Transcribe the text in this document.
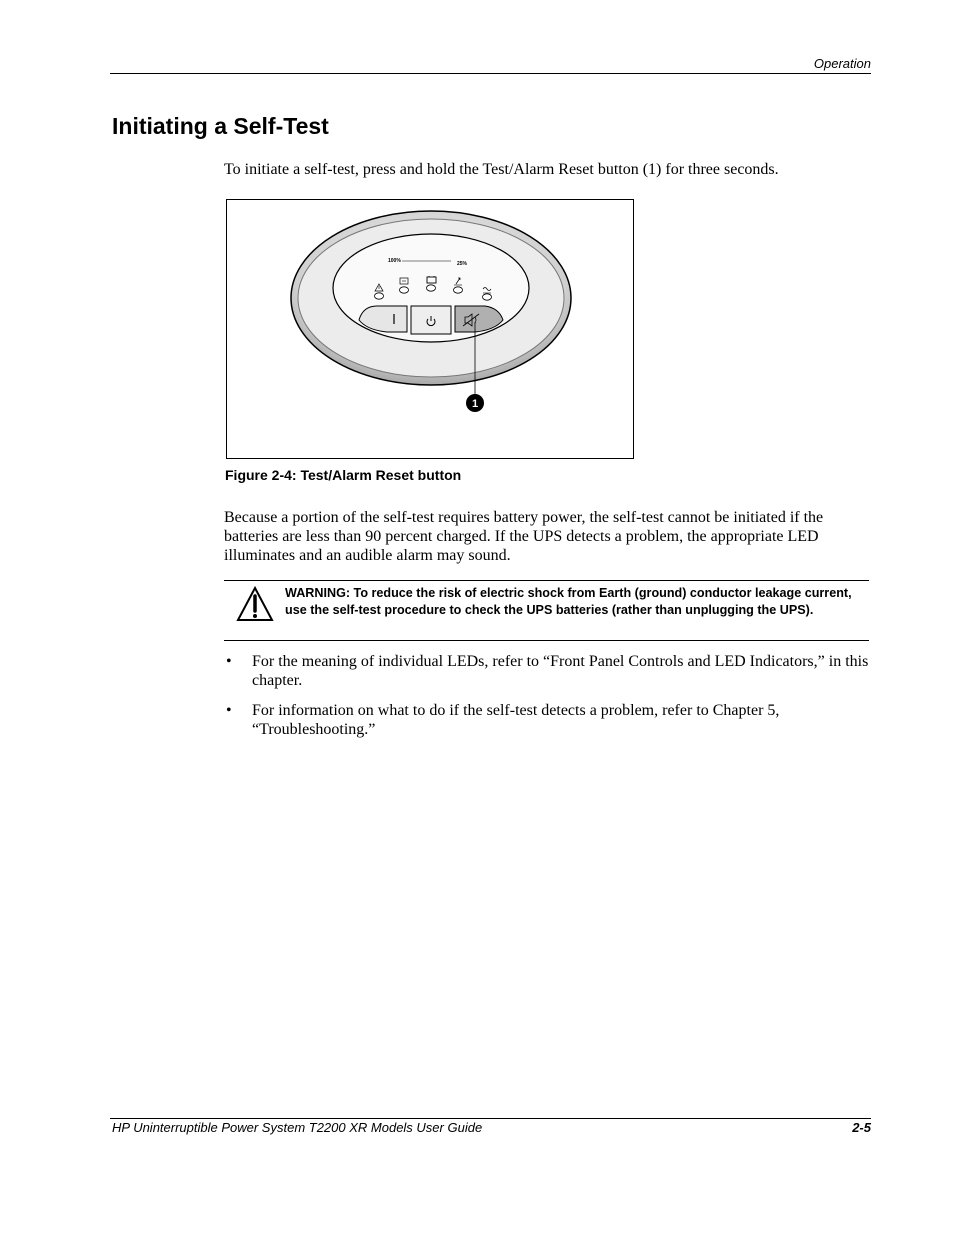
Operation
Initiating a Self-Test

To initiate a self-test, press and hold the Test/Alarm Reset button (1) for three seconds.

100%	25%
1

Figure 2-4: Test/Alarm Reset button

Because a portion of the self-test requires battery power, the self-test cannot be initiated if the batteries are less than 90 percent charged. If the UPS detects a problem, the appropriate LED illuminates and an audible alarm may sound.

WARNING: To reduce the risk of electric shock from Earth (ground) conductor leakage current, use the self-test procedure to check the UPS batteries (rather than unplugging the UPS).

• For the meaning of individual LEDs, refer to “Front Panel Controls and LED Indicators,” in this chapter.

• For information on what to do if the self-test detects a problem, refer to Chapter 5, “Troubleshooting.”

HP Uninterruptible Power System T2200 XR Models User Guide	2-5
